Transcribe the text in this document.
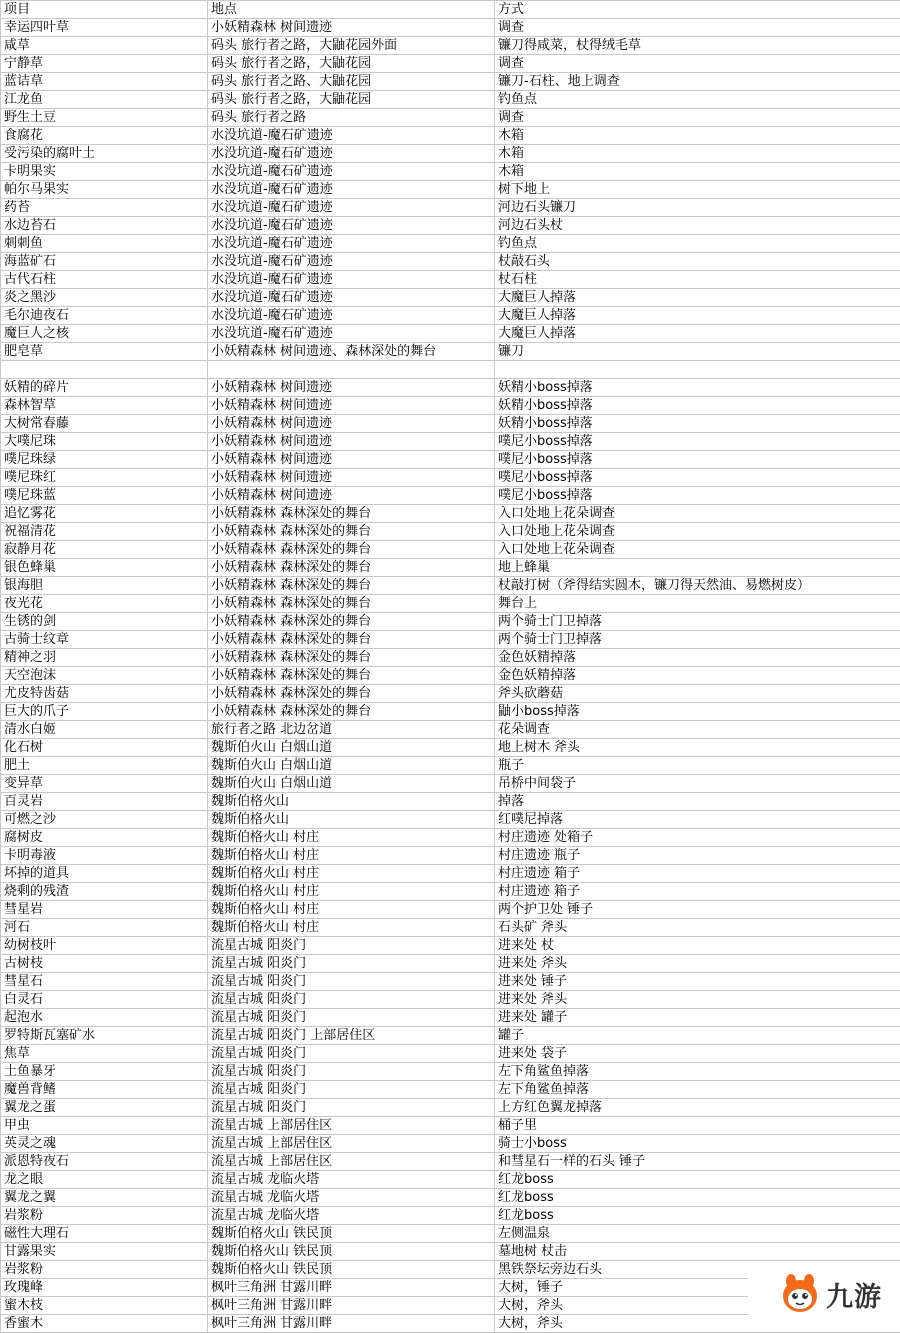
项目	地点	方式
幸运四叶草	小妖精森林 树间遗迹	调查
咸草	码头 旅行者之路，大鼬花园外面	镰刀得咸菜，杖得绒毛草
宁静草	码头 旅行者之路，大鼬花园	调查
蓝诘草	码头 旅行者之路、大鼬花园	镰刀-石柱、地上调查
江龙鱼	码头 旅行者之路，大鼬花园	钓鱼点
野生土豆	码头 旅行者之路	调查
食腐花	水没坑道-魔石矿遗迹	木箱
受污染的腐叶土	水没坑道-魔石矿遗迹	木箱
卡明果实	水没坑道-魔石矿遗迹	木箱
帕尔马果实	水没坑道-魔石矿遗迹	树下地上
药苔	水没坑道-魔石矿遗迹	河边石头镰刀
水边苔石	水没坑道-魔石矿遗迹	河边石头杖
刺刺鱼	水没坑道-魔石矿遗迹	钓鱼点
海蓝矿石	水没坑道-魔石矿遗迹	杖敲石头
古代石柱	水没坑道-魔石矿遗迹	杖石柱
炎之黑沙	水没坑道-魔石矿遗迹	大魔巨人掉落
毛尔迪夜石	水没坑道-魔石矿遗迹	大魔巨人掉落
魔巨人之核	水没坑道-魔石矿遗迹	大魔巨人掉落
肥皂草	小妖精森林 树间遗迹、森林深处的舞台	镰刀

妖精的碎片	小妖精森林 树间遗迹	妖精小boss掉落
森林智草	小妖精森林 树间遗迹	妖精小boss掉落
大树常春藤	小妖精森林 树间遗迹	妖精小boss掉落
大噗尼珠	小妖精森林 树间遗迹	噗尼小boss掉落
噗尼珠绿	小妖精森林 树间遗迹	噗尼小boss掉落
噗尼珠红	小妖精森林 树间遗迹	噗尼小boss掉落
噗尼珠蓝	小妖精森林 树间遗迹	噗尼小boss掉落
追忆雾花	小妖精森林 森林深处的舞台	入口处地上花朵调查
祝福清花	小妖精森林 森林深处的舞台	入口处地上花朵调查
寂静月花	小妖精森林 森林深处的舞台	入口处地上花朵调查
银色蜂巢	小妖精森林 森林深处的舞台	地上蜂巢
银海胆	小妖精森林 森林深处的舞台	杖敲打树（斧得结实圆木，镰刀得天然油、易燃树皮）
夜光花	小妖精森林 森林深处的舞台	舞台上
生锈的剑	小妖精森林 森林深处的舞台	两个骑士门卫掉落
古骑士纹章	小妖精森林 森林深处的舞台	两个骑士门卫掉落
精神之羽	小妖精森林 森林深处的舞台	金色妖精掉落
天空泡沫	小妖精森林 森林深处的舞台	金色妖精掉落
尤皮特齿菇	小妖精森林 森林深处的舞台	斧头砍蘑菇
巨大的爪子	小妖精森林 森林深处的舞台	鼬小boss掉落
清水白姬	旅行者之路 北边岔道	花朵调查
化石树	魏斯伯火山 白烟山道	地上树木 斧头
肥土	魏斯伯火山 白烟山道	瓶子
变异草	魏斯伯火山 白烟山道	吊桥中间袋子
百灵岩	魏斯伯格火山	掉落
可燃之沙	魏斯伯格火山	红噗尼掉落
腐树皮	魏斯伯格火山 村庄	村庄遗迹 处箱子
卡明毒液	魏斯伯格火山 村庄	村庄遗迹 瓶子
坏掉的道具	魏斯伯格火山 村庄	村庄遗迹 箱子
烧剩的残渣	魏斯伯格火山 村庄	村庄遗迹 箱子
彗星岩	魏斯伯格火山 村庄	两个护卫处 锤子
河石	魏斯伯格火山 村庄	石头矿 斧头
幼树枝叶	流星古城 阳炎门	进来处 杖
古树枝	流星古城 阳炎门	进来处 斧头
彗星石	流星古城 阳炎门	进来处 锤子
白灵石	流星古城 阳炎门	进来处 斧头
起泡水	流星古城 阳炎门	进来处 罐子
罗特斯瓦塞矿水	流星古城 阳炎门 上部居住区	罐子
焦草	流星古城 阳炎门	进来处 袋子
土鱼暴牙	流星古城 阳炎门	左下角鲨鱼掉落
魔兽背鳍	流星古城 阳炎门	左下角鲨鱼掉落
翼龙之蛋	流星古城 阳炎门	上方红色翼龙掉落
甲虫	流星古城 上部居住区	桶子里
英灵之魂	流星古城 上部居住区	骑士小boss
派恩特夜石	流星古城 上部居住区	和彗星石一样的石头 锤子
龙之眼	流星古城 龙临火塔	红龙boss
翼龙之翼	流星古城 龙临火塔	红龙boss
岩浆粉	流星古城 龙临火塔	红龙boss
磁性大理石	魏斯伯格火山 铁民顶	左侧温泉
甘露果实	魏斯伯格火山 铁民顶	墓地树 杖击
岩浆粉	魏斯伯格火山 铁民顶	黑铁祭坛旁边石头
玫瑰峰	枫叶三角洲 甘露川畔	大树，锤子
蜜木枝	枫叶三角洲 甘露川畔	大树，斧头
香蜜木	枫叶三角洲 甘露川畔	大树，斧头
九游
